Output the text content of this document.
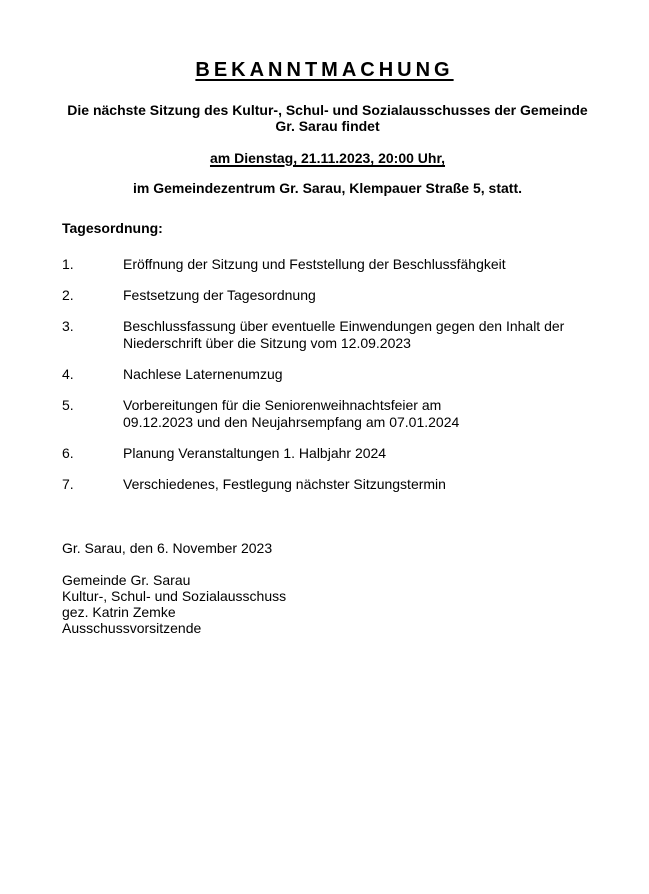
BEKANNTMACHUNG
Die nächste Sitzung des Kultur-, Schul- und Sozialausschusses der Gemeinde
Gr. Sarau findet
am Dienstag, 21.11.2023, 20:00 Uhr,
im Gemeindezentrum Gr. Sarau, Klempauer Straße 5, statt.
Tagesordnung:
1.	Eröffnung der Sitzung und Feststellung der Beschlussfähgkeit
2.	Festsetzung der Tagesordnung
3.	Beschlussfassung über eventuelle Einwendungen gegen den Inhalt der
Niederschrift über die Sitzung vom 12.09.2023
4.	Nachlese Laternenumzug
5.	Vorbereitungen für die Seniorenweihnachtsfeier am
09.12.2023 und den Neujahrsempfang am 07.01.2024
6.	Planung Veranstaltungen 1. Halbjahr 2024
7.	Verschiedenes, Festlegung nächster Sitzungstermin
Gr. Sarau, den 6. November 2023
Gemeinde Gr. Sarau
Kultur-, Schul- und Sozialausschuss
gez. Katrin Zemke
Ausschussvorsitzende
